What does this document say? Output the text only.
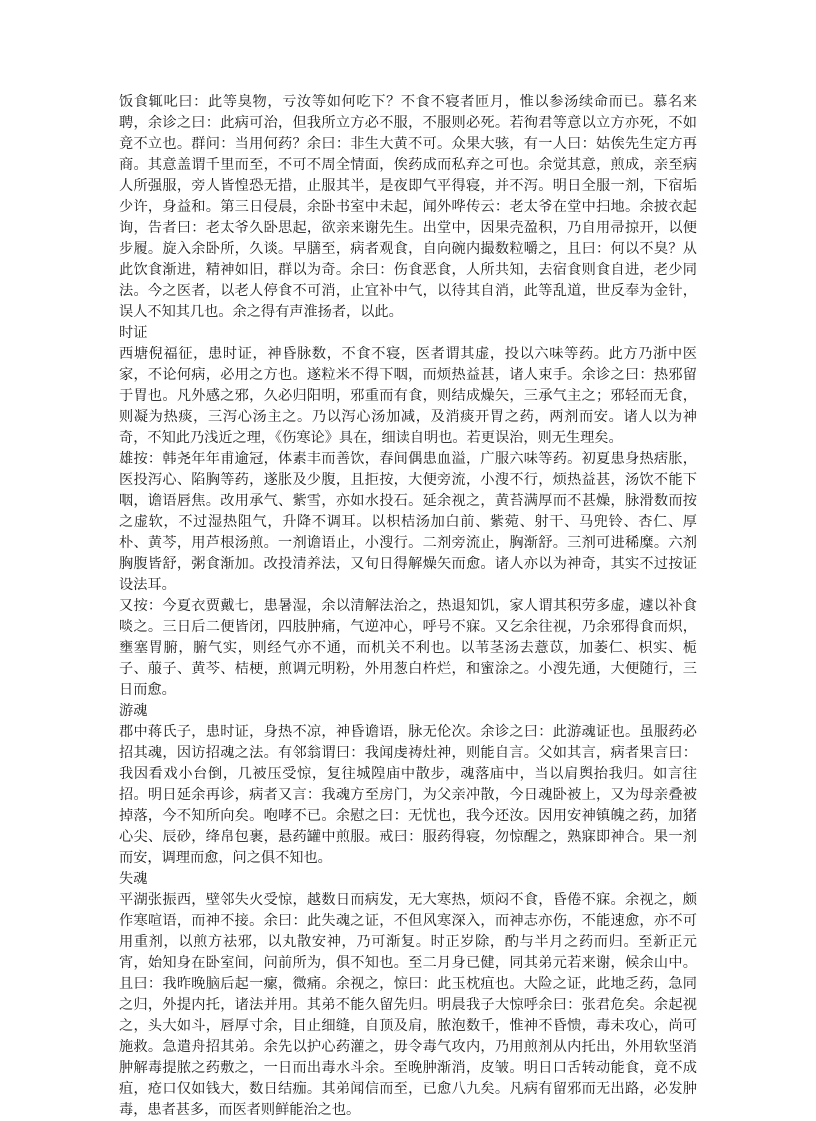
饭食辄叱曰：此等臭物，亏汝等如何吃下？不食不寝者匝月，惟以参汤续命而已。慕名来聘，余诊之曰：此病可治，但我所立方必不服，不服则必死。若徇君等意以立方亦死，不如竟不立也。群问：当用何药？余曰：非生大黄不可。众果大骇，有一人曰：姑俟先生定方再商。其意盖谓千里而至，不可不周全情面，俟药成而私弃之可也。余觉其意，煎成，亲至病人所强服，旁人皆惶恐无措，止服其半，是夜即气平得寝，并不泻。明日全服一剂，下宿垢少许，身益和。第三日侵晨，余卧书室中未起，闻外哗传云：老太爷在堂中扫地。余披衣起询，告者曰：老太爷久卧思起，欲亲来谢先生。出堂中，因果壳盈积，乃自用帚掠开，以便步履。旋入余卧所，久谈。早膳至，病者观食，自向碗内撮数粒嚼之，且曰：何以不臭？从此饮食渐进，精神如旧，群以为奇。余曰：伤食恶食，人所共知，去宿食则食自进，老少同法。今之医者，以老人停食不可消，止宜补中气，以待其自消，此等乱道，世反奉为金针，误人不知其几也。余之得有声淮扬者，以此。

时证

西塘倪福征，患时证，神昏脉数，不食不寝，医者谓其虚，投以六味等药。此方乃浙中医家，不论何病，必用之方也。遂粒米不得下咽，而烦热益甚，诸人束手。余诊之曰：热邪留于胃也。凡外感之邪，久必归阳明，邪重而有食，则结成燥矢，三承气主之；邪轻而无食，则凝为热痰，三泻心汤主之。乃以泻心汤加减，及消痰开胃之药，两剂而安。诸人以为神奇，不知此乃浅近之理，《伤寒论》具在，细读自明也。若更误治，则无生理矣。

雄按：韩尧年年甫逾冠，体素丰而善饮，春间偶患血溢，广服六味等药。初夏患身热痞胀，医投泻心、陷胸等药，遂胀及少腹，且拒按，大便旁流，小溲不行，烦热益甚，汤饮不能下咽，谵语唇焦。改用承气、紫雪，亦如水投石。延余视之，黄苔满厚而不甚燥，脉滑数而按之虚软，不过湿热阻气，升降不调耳。以枳桔汤加白前、紫菀、射干、马兜铃、杏仁、厚朴、黄芩，用芦根汤煎。一剂谵语止，小溲行。二剂旁流止，胸渐舒。三剂可进稀糜。六剂胸腹皆舒，粥食渐加。改投清养法，又旬日得解燥矢而愈。诸人亦以为神奇，其实不过按证设法耳。

又按：今夏衣贾戴七，患暑湿，余以清解法治之，热退知饥，家人谓其积劳多虚，遽以补食啖之。三日后二便皆闭，四肢肿痛，气逆冲心，呼号不寐。又乞余往视，乃余邪得食而炽，壅塞胃腑，腑气实，则经气亦不通，而机关不利也。以苇茎汤去薏苡，加萎仁、枳实、栀子、菔子、黄芩、桔梗，煎调元明粉，外用葱白杵烂，和蜜涂之。小溲先通，大便随行，三日而愈。

游魂

郡中蒋氏子，患时证，身热不凉，神昏谵语，脉无伦次。余诊之曰：此游魂证也。虽服药必招其魂，因访招魂之法。有邻翁谓曰：我闻虔祷灶神，则能自言。父如其言，病者果言曰：我因看戏小台倒，几被压受惊，复往城隍庙中散步，魂落庙中，当以肩舆抬我归。如言往招。明日延余再诊，病者又言：我魂方至房门，为父亲冲散，今日魂卧被上，又为母亲叠被掉落，今不知所向矣。咆哮不已。余慰之曰：无忧也，我今还汝。因用安神镇魄之药，加猪心尖、辰砂，绛帛包裹，悬药罐中煎服。戒曰：服药得寝，勿惊醒之，熟寐即神合。果一剂而安，调理而愈，问之俱不知也。

失魂

平湖张振西，壁邻失火受惊，越数日而病发，无大寒热，烦闷不食，昏倦不寐。余视之，颇作寒喧语，而神不接。余曰：此失魂之证，不但风寒深入，而神志亦伤，不能速愈，亦不可用重剂，以煎方祛邪，以丸散安神，乃可渐复。时正岁除，酌与半月之药而归。至新正元宵，始知身在卧室间，问前所为，俱不知也。至二月身已健，同其弟元若来谢，候余山中。且曰：我昨晚脑后起一瘰，微痛。余视之，惊曰：此玉枕疽也。大险之证，此地乏药，急同之归，外提内托，诸法并用。其弟不能久留先归。明晨我子大惊呼余曰：张君危矣。余起视之，头大如斗，唇厚寸余，目止细缝，自顶及肩，脓泡数千，惟神不昏愦，毒未攻心，尚可施救。急遣舟招其弟。余先以护心药灌之，毋令毒气攻内，乃用煎剂从内托出，外用软坚消肿解毒提脓之药敷之，一日而出毒水斗余。至晚肿渐消，皮皱。明日口舌转动能食，竟不成疽，疮口仅如钱大，数日结痂。其弟闻信而至，已愈八九矣。凡病有留邪而无出路，必发肿毒，患者甚多，而医者则鲜能治之也。
